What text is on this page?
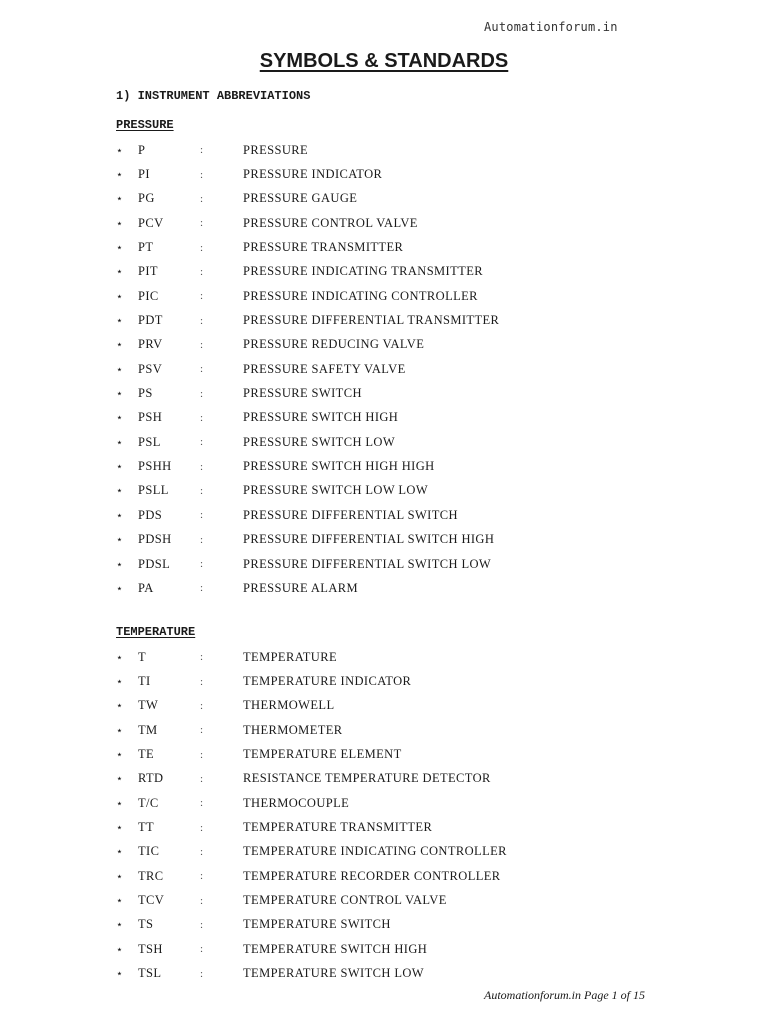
Automationforum.in
SYMBOLS & STANDARDS
1) INSTRUMENT ABBREVIATIONS
PRESSURE
⋆	P	:	PRESSURE
⋆	PI	:	PRESSURE INDICATOR
⋆	PG	:	PRESSURE GAUGE
⋆	PCV	:	PRESSURE CONTROL VALVE
⋆	PT	:	PRESSURE TRANSMITTER
⋆	PIT	:	PRESSURE INDICATING TRANSMITTER
⋆	PIC	:	PRESSURE INDICATING CONTROLLER
⋆	PDT	:	PRESSURE DIFFERENTIAL TRANSMITTER
⋆	PRV	:	PRESSURE REDUCING VALVE
⋆	PSV	:	PRESSURE SAFETY VALVE
⋆	PS	:	PRESSURE SWITCH
⋆	PSH	:	PRESSURE SWITCH HIGH
⋆	PSL	:	PRESSURE SWITCH LOW
⋆	PSHH	:	PRESSURE SWITCH HIGH HIGH
⋆	PSLL	:	PRESSURE SWITCH LOW LOW
⋆	PDS	:	PRESSURE DIFFERENTIAL SWITCH
⋆	PDSH	:	PRESSURE DIFFERENTIAL SWITCH HIGH
⋆	PDSL	:	PRESSURE DIFFERENTIAL SWITCH LOW
⋆	PA	:	PRESSURE ALARM
TEMPERATURE
⋆	T	:	TEMPERATURE
⋆	TI	:	TEMPERATURE INDICATOR
⋆	TW	:	THERMOWELL
⋆	TM	:	THERMOMETER
⋆	TE	:	TEMPERATURE ELEMENT
⋆	RTD	:	RESISTANCE TEMPERATURE DETECTOR
⋆	T/C	:	THERMOCOUPLE
⋆	TT	:	TEMPERATURE TRANSMITTER
⋆	TIC	:	TEMPERATURE INDICATING CONTROLLER
⋆	TRC	:	TEMPERATURE RECORDER CONTROLLER
⋆	TCV	:	TEMPERATURE CONTROL VALVE
⋆	TS	:	TEMPERATURE SWITCH
⋆	TSH	:	TEMPERATURE SWITCH HIGH
⋆	TSL	:	TEMPERATURE SWITCH LOW
Automationforum.in Page 1 of 15
